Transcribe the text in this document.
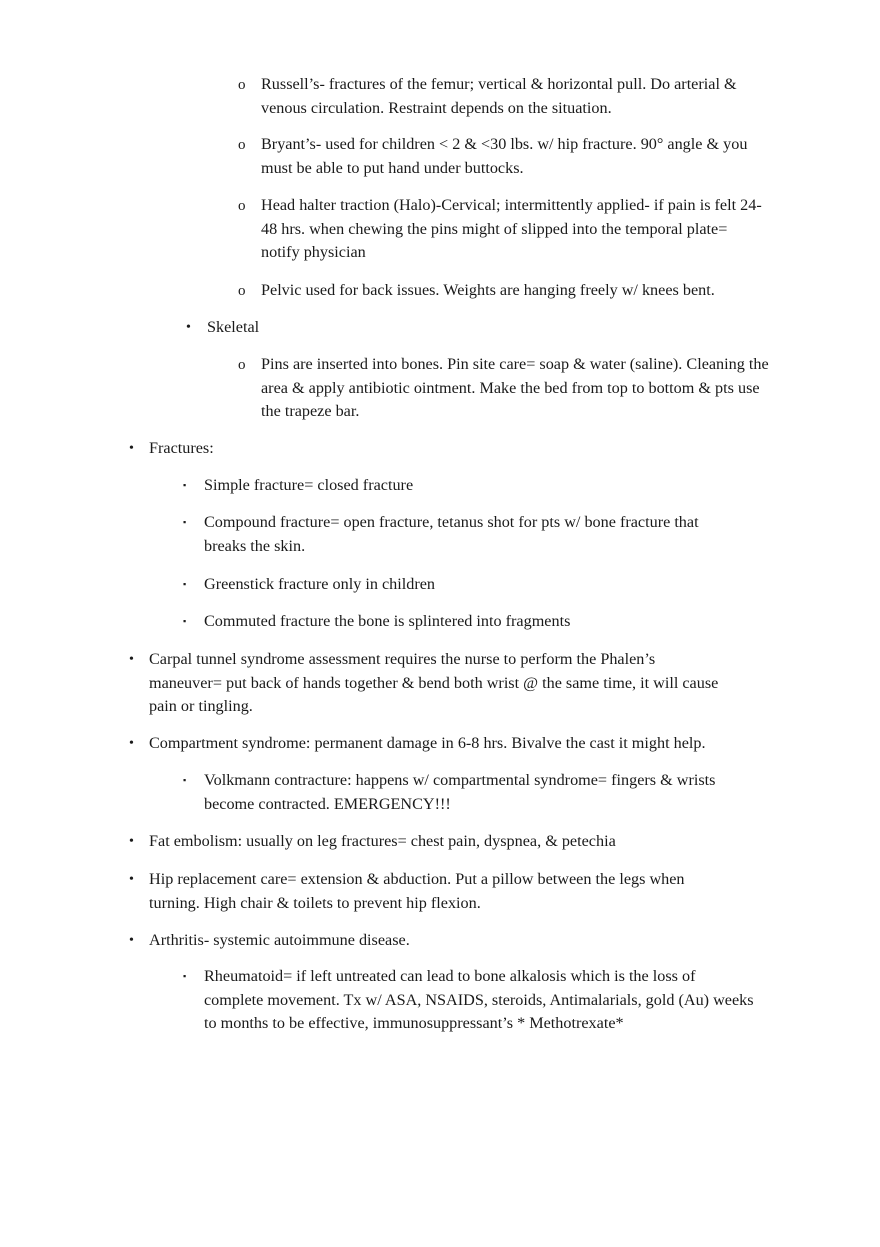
o Russell’s- fractures of the femur; vertical & horizontal pull. Do arterial & venous circulation. Restraint depends on the situation.
o Bryant’s- used for children < 2 & <30 lbs. w/ hip fracture. 90° angle & you must be able to put hand under buttocks.
o Head halter traction (Halo)-Cervical; intermittently applied- if pain is felt 24-48 hrs. when chewing the pins might of slipped into the temporal plate= notify physician
o Pelvic used for back issues. Weights are hanging freely w/ knees bent.
• Skeletal
o Pins are inserted into bones. Pin site care= soap & water (saline). Cleaning the area & apply antibiotic ointment. Make the bed from top to bottom & pts use the trapeze bar.
• Fractures:
▪	Simple fracture= closed fracture
▪	Compound fracture= open fracture, tetanus shot for pts w/ bone fracture that breaks the skin.
▪	Greenstick fracture only in children
▪	Commuted fracture the bone is splintered into fragments
• Carpal tunnel syndrome assessment requires the nurse to perform the Phalen’s maneuver= put back of hands together & bend both wrist @ the same time, it will cause pain or tingling.
• Compartment syndrome: permanent damage in 6-8 hrs. Bivalve the cast it might help.
▪	Volkmann contracture: happens w/ compartmental syndrome= fingers & wrists become contracted. EMERGENCY!!!
• Fat embolism: usually on leg fractures= chest pain, dyspnea, & petechia
• Hip replacement care= extension & abduction. Put a pillow between the legs when turning. High chair & toilets to prevent hip flexion.
• Arthritis- systemic autoimmune disease.
▪	Rheumatoid= if left untreated can lead to bone alkalosis which is the loss of complete movement. Tx w/ ASA, NSAIDS, steroids, Antimalarials, gold (Au) weeks to months to be effective, immunosuppressant’s * Methotrexate*
